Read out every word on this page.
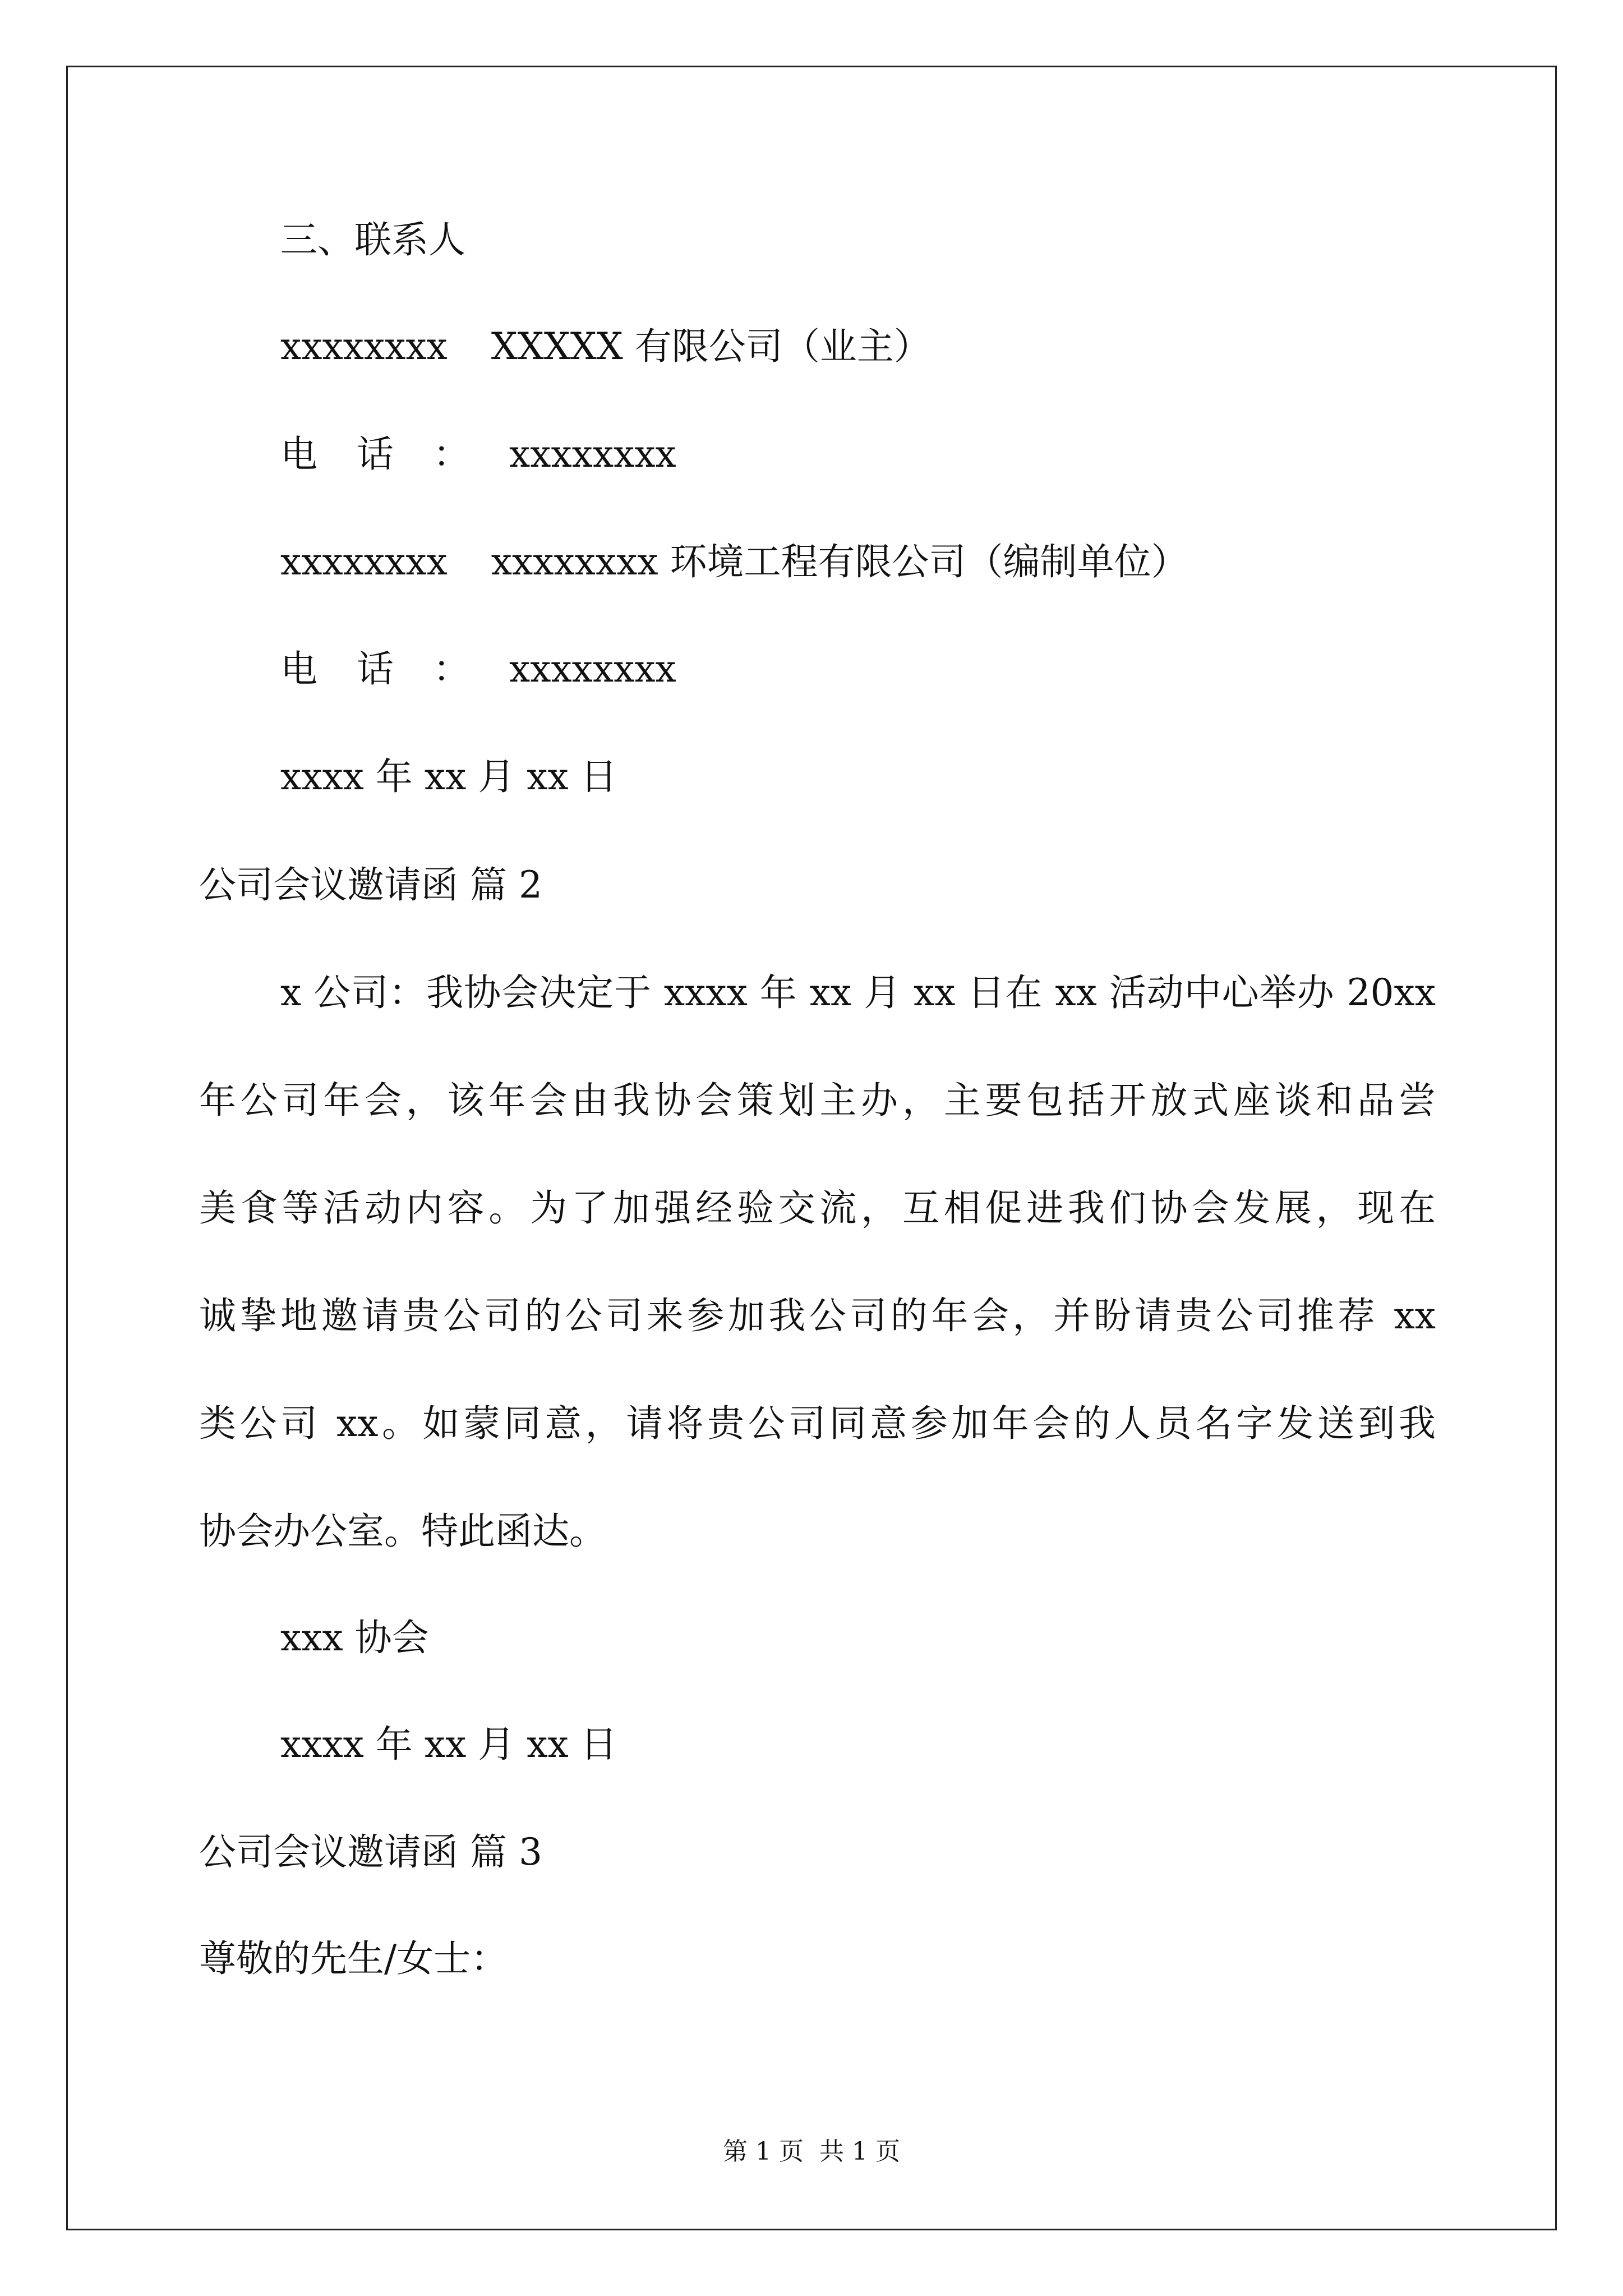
三、联系人
xxxxxxxx XXXXX 有限公司（业主）
电话：xxxxxxxx
xxxxxxxx xxxxxxxx 环境工程有限公司（编制单位）
电话：xxxxxxxx
xxxx 年 xx 月 xx 日
公司会议邀请函 篇 2
x 公司：我协会决定于 xxxx 年 xx 月 xx 日在 xx 活动中心举办 20xx
年公司年会，该年会由我协会策划主办，主要包括开放式座谈和品尝
美食等活动内容。为了加强经验交流，互相促进我们协会发展，现在
诚挚地邀请贵公司的公司来参加我公司的年会，并盼请贵公司推荐 xx
类公司 xx。如蒙同意，请将贵公司同意参加年会的人员名字发送到我
协会办公室。特此函达。
xxx 协会
xxxx 年 xx 月 xx 日
公司会议邀请函 篇 3
尊敬的先生/女士：
第 1 页  共 1 页
